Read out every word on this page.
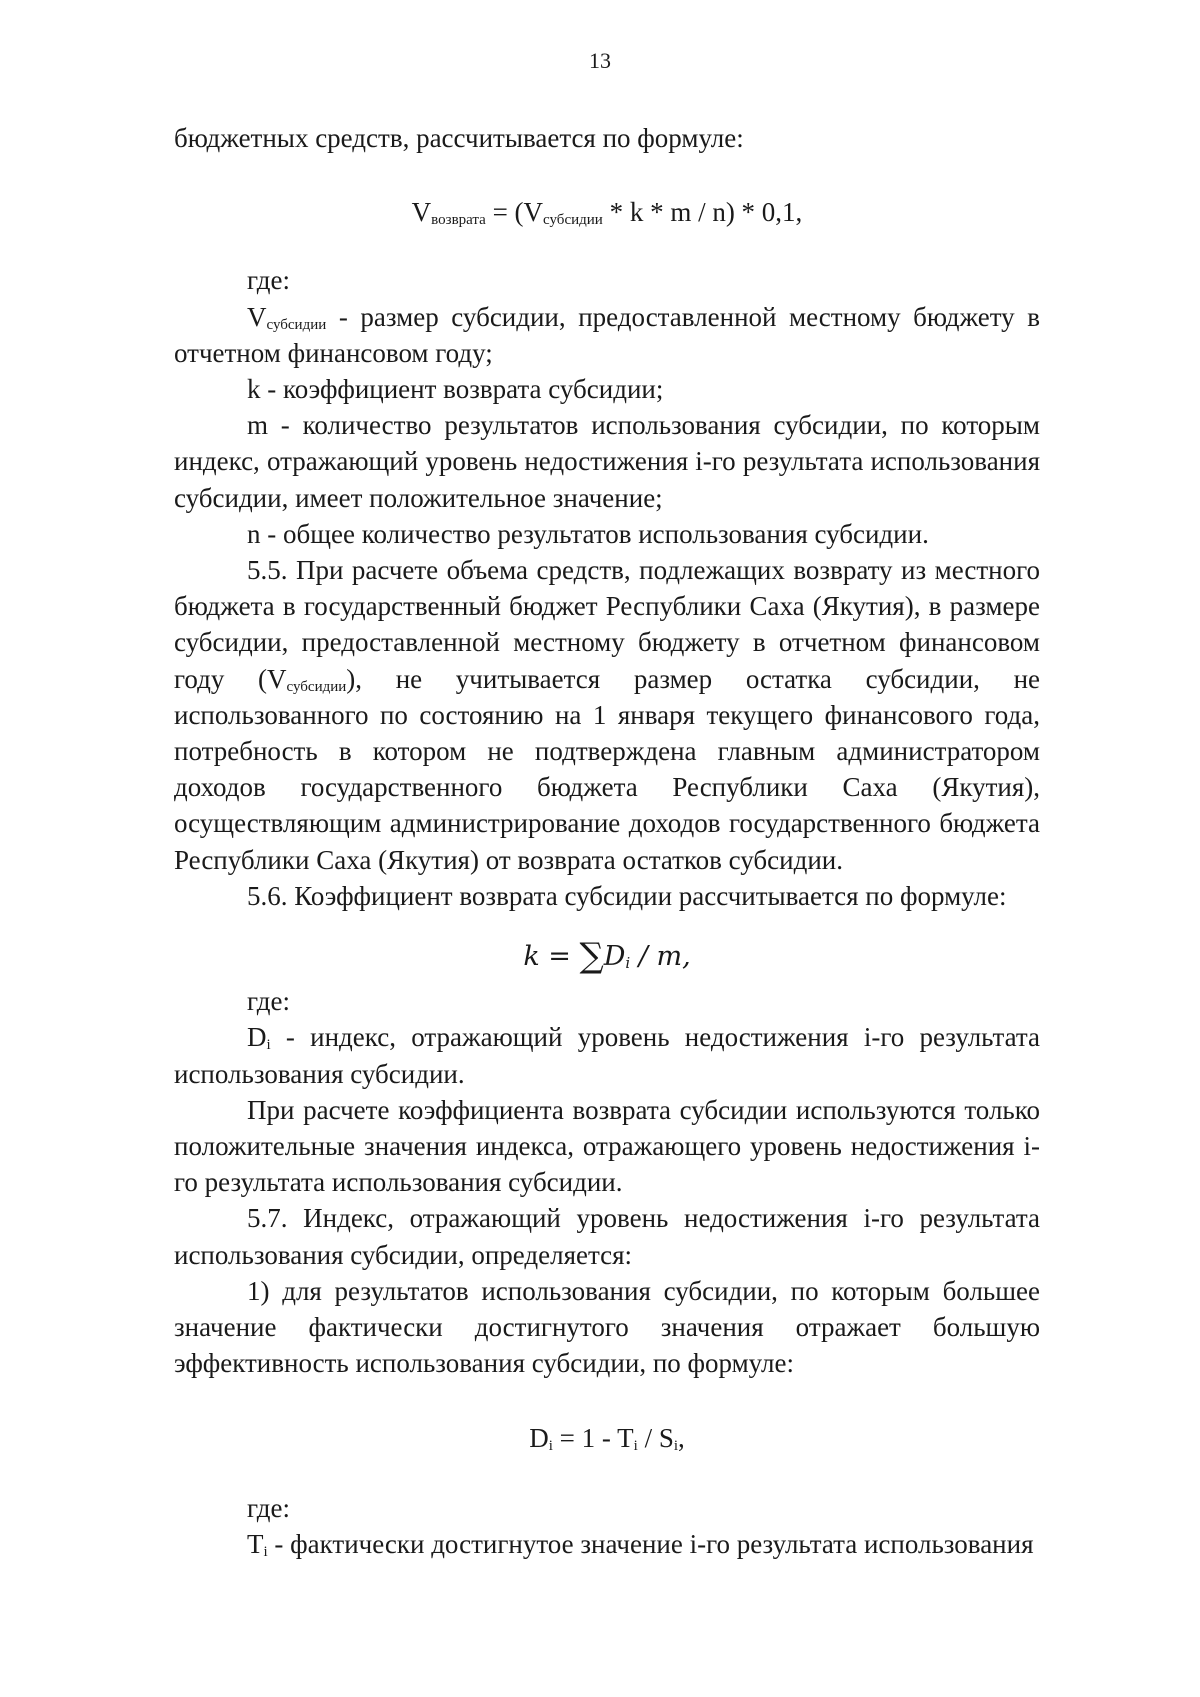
13

бюджетных средств, рассчитывается по формуле:

$V_{возврата} = (V_{субсидии} * k * m / n) * 0,1$,

где:

$V_{субсидии}$ - размер субсидии, предоставленной местному бюджету в отчетном финансовом году;

k - коэффициент возврата субсидии;

m - количество результатов использования субсидии, по которым индекс, отражающий уровень недостижения i-го результата использования субсидии, имеет положительное значение;

n - общее количество результатов использования субсидии.

5.5. При расчете объема средств, подлежащих возврату из местного бюджета в государственный бюджет Республики Саха (Якутия), в размере субсидии, предоставленной местному бюджету в отчетном финансовом году $(V_{субсидии})$, не учитывается размер остатка субсидии, не использованного по состоянию на 1 января текущего финансового года, потребность в котором не подтверждена главным администратором доходов государственного бюджета Республики Саха (Якутия), осуществляющим администрирование доходов государственного бюджета Республики Саха (Якутия) от возврата остатков субсидии.

5.6. Коэффициент возврата субсидии рассчитывается по формуле:

$k = \sum D_i / m$,

где:

$D_i$ - индекс, отражающий уровень недостижения i-го результата использования субсидии.

При расчете коэффициента возврата субсидии используются только положительные значения индекса, отражающего уровень недостижения i-го результата использования субсидии.

5.7. Индекс, отражающий уровень недостижения i-го результата использования субсидии, определяется:

1) для результатов использования субсидии, по которым большее значение фактически достигнутого значения отражает большую эффективность использования субсидии, по формуле:

$D_i = 1 - T_i / S_i$,

где:

$T_i$ - фактически достигнутое значение i-го результата использования
